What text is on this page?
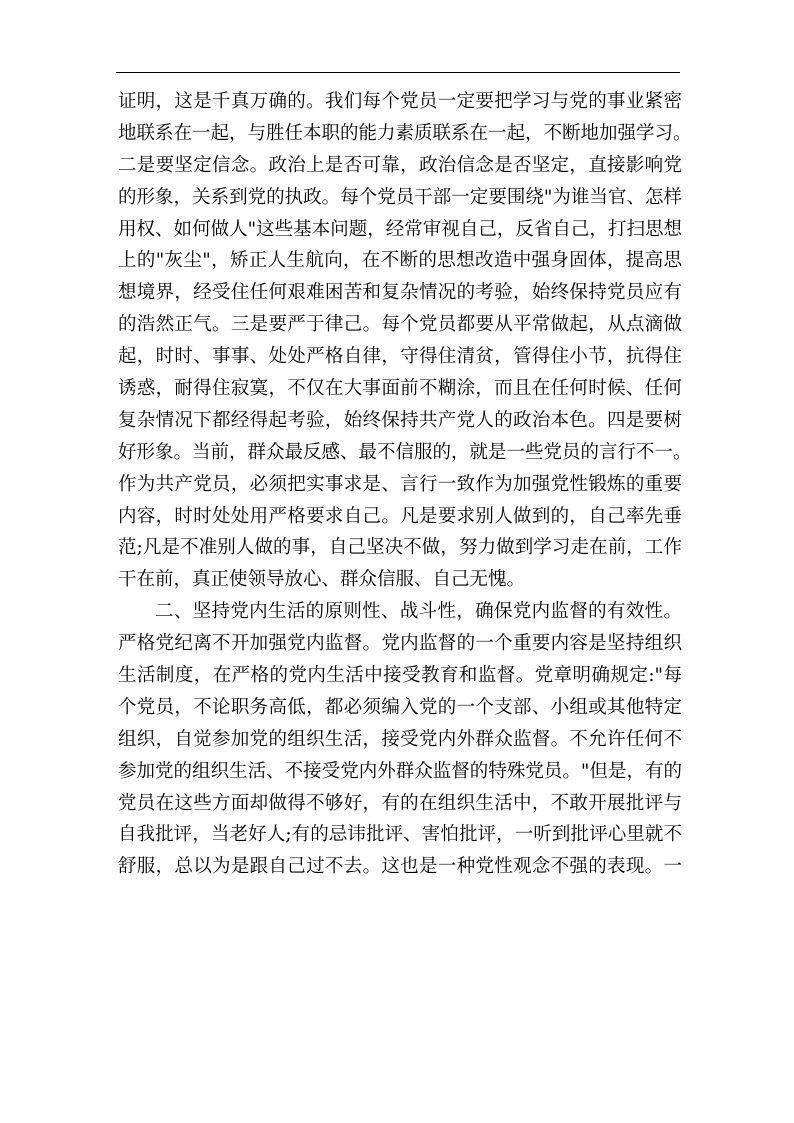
证明，这是千真万确的。我们每个党员一定要把学习与党的事业紧密
地联系在一起，与胜任本职的能力素质联系在一起，不断地加强学习。
二是要坚定信念。政治上是否可靠，政治信念是否坚定，直接影响党
的形象，关系到党的执政。每个党员干部一定要围绕"为谁当官、怎样
用权、如何做人"这些基本问题，经常审视自己，反省自己，打扫思想
上的"灰尘"，矫正人生航向，在不断的思想改造中强身固体，提高思
想境界，经受住任何艰难困苦和复杂情况的考验，始终保持党员应有
的浩然正气。三是要严于律己。每个党员都要从平常做起，从点滴做
起，时时、事事、处处严格自律，守得住清贫，管得住小节，抗得住
诱惑，耐得住寂寞，不仅在大事面前不糊涂，而且在任何时候、任何
复杂情况下都经得起考验，始终保持共产党人的政治本色。四是要树
好形象。当前，群众最反感、最不信服的，就是一些党员的言行不一。
作为共产党员，必须把实事求是、言行一致作为加强党性锻炼的重要
内容，时时处处用严格要求自己。凡是要求别人做到的，自己率先垂
范;凡是不准别人做的事，自己坚决不做，努力做到学习走在前，工作
干在前，真正使领导放心、群众信服、自己无愧。
二、坚持党内生活的原则性、战斗性，确保党内监督的有效性。
严格党纪离不开加强党内监督。党内监督的一个重要内容是坚持组织
生活制度，在严格的党内生活中接受教育和监督。党章明确规定:"每
个党员，不论职务高低，都必须编入党的一个支部、小组或其他特定
组织，自觉参加党的组织生活，接受党内外群众监督。不允许任何不
参加党的组织生活、不接受党内外群众监督的特殊党员。"但是，有的
党员在这些方面却做得不够好，有的在组织生活中，不敢开展批评与
自我批评，当老好人;有的忌讳批评、害怕批评，一听到批评心里就不
舒服，总以为是跟自己过不去。这也是一种党性观念不强的表现。一
